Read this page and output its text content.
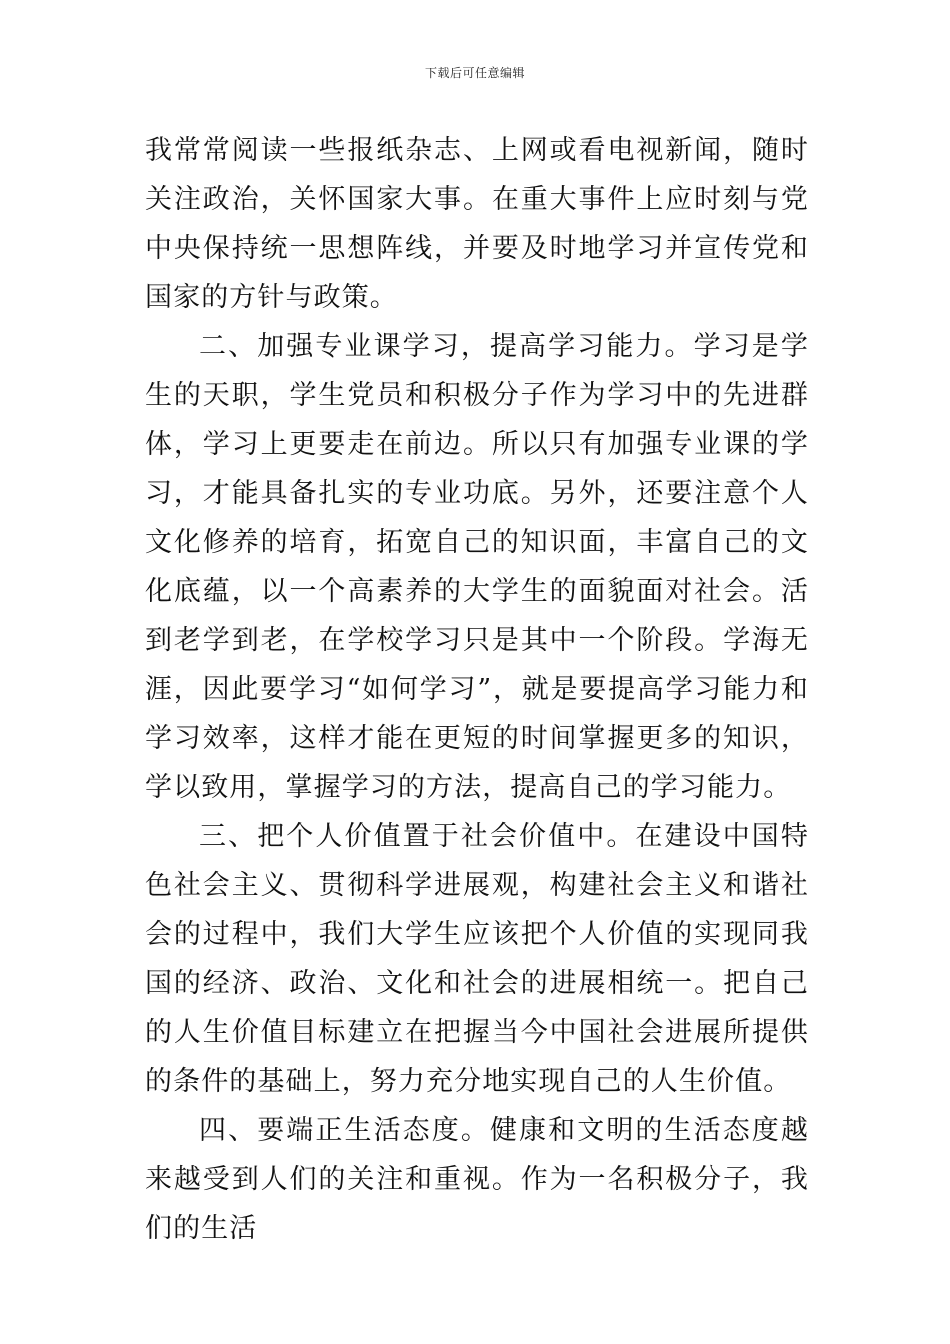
下载后可任意编辑

我常常阅读一些报纸杂志、上网或看电视新闻，随时关注政治，关怀国家大事。在重大事件上应时刻与党中央保持统一思想阵线，并要及时地学习并宣传党和国家的方针与政策。

二、加强专业课学习，提高学习能力。学习是学生的天职，学生党员和积极分子作为学习中的先进群体，学习上更要走在前边。所以只有加强专业课的学习，才能具备扎实的专业功底。另外，还要注意个人文化修养的培育，拓宽自己的知识面，丰富自己的文化底蕴，以一个高素养的大学生的面貌面对社会。活到老学到老，在学校学习只是其中一个阶段。学海无涯，因此要学习“如何学习”，就是要提高学习能力和学习效率，这样才能在更短的时间掌握更多的知识，学以致用，掌握学习的方法，提高自己的学习能力。

三、把个人价值置于社会价值中。在建设中国特色社会主义、贯彻科学进展观，构建社会主义和谐社会的过程中，我们大学生应该把个人价值的实现同我国的经济、政治、文化和社会的进展相统一。把自己的人生价值目标建立在把握当今中国社会进展所提供的条件的基础上，努力充分地实现自己的人生价值。

四、要端正生活态度。健康和文明的生活态度越来越受到人们的关注和重视。作为一名积极分子，我们的生活
